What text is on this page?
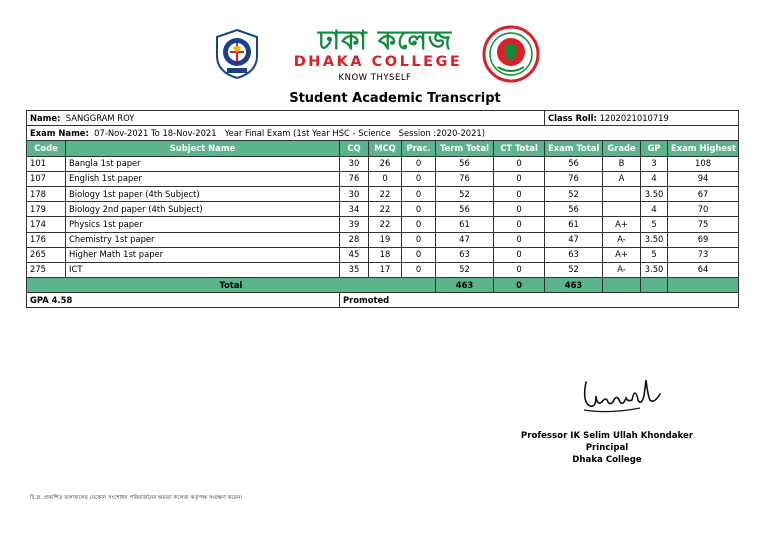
ঢাকা কলেজ
DHAKA COLLEGE
KNOW THYSELF
Student Academic Transcript
Name: SANGGRAM ROY							Class Roll: 1202021010719			
Exam Name: 07-Nov-2021 To 18-Nov-2021   Year Final Exam (1st Year HSC - Science   Session :2020-2021)										
Code	Subject Name	CQ	MCQ	Prac.	Term Total	CT Total	Exam Total	Grade	GP	Exam Highest
101	Bangla 1st paper	30	26	0	56	0	56	B	3	108
107	English 1st paper	76	0	0	76	0	76	A	4	94
178	Biology 1st paper (4th Subject)	30	22	0	52	0	52		3.50	67
179	Biology 2nd paper (4th Subject)	34	22	0	56	0	56		4	70
174	Physics 1st paper	39	22	0	61	0	61	A+	5	75
176	Chemistry 1st paper	28	19	0	47	0	47	A-	3.50	69
265	Higher Math 1st paper	45	18	0	63	0	63	A+	5	73
275	ICT	35	17	0	52	0	52	A-	3.50	64
Total					463	0	463			
GPA 4.58		Promoted								
Professor IK Selim Ullah Khondaker
Principal
Dhaka College
বি.দ্র. প্রকাশিত ফলাফলের যেকোন সংশোধন পরিমার্জনের ক্ষমতা কলেজ কর্তৃপক্ষ সংরক্ষণ করেন।
